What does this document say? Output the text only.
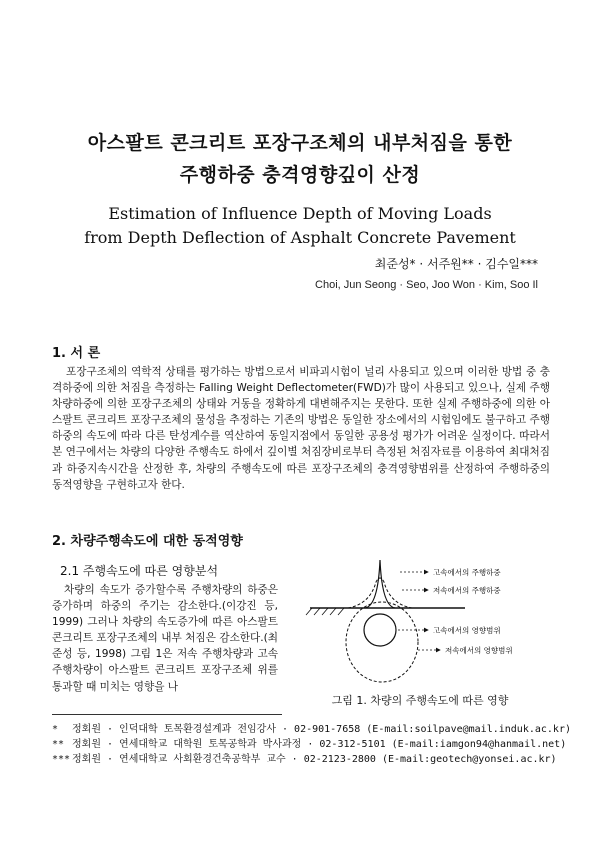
아스팔트 콘크리트 포장구조체의 내부처짐을 통한
주행하중 충격영향깊이 산정
Estimation of Influence Depth of Moving Loads
from Depth Deflection of Asphalt Concrete Pavement
최준성* · 서주원** · 김수일***
Choi, Jun Seong · Seo, Joo Won · Kim, Soo Il
1. 서 론

포장구조체의 역학적 상태를 평가하는 방법으로서 비파괴시험이 널리 사용되고 있으며 이러한 방법 중 충격하중에 의한 처짐을 측정하는 Falling Weight Deflectometer(FWD)가 많이 사용되고 있으나, 실제 주행차량하중에 의한 포장구조체의 상태와 거동을 정확하게 대변해주지는 못한다. 또한 실제 주행하중에 의한 아스팔트 콘크리트 포장구조체의 물성을 추정하는 기존의 방법은 동일한 장소에서의 시험임에도 불구하고 주행하중의 속도에 따라 다른 탄성계수를 역산하여 동일지점에서 동일한 공용성 평가가 어려운 실정이다. 따라서 본 연구에서는 차량의 다양한 주행속도 하에서 깊이별 처짐장비로부터 측정된 처짐자료를 이용하여 최대처짐과 하중지속시간을 산정한 후, 차량의 주행속도에 따른 포장구조체의 충격영향범위를 산정하여 주행하중의 동적영향을 구현하고자 한다.

2. 차량주행속도에 대한 동적영향
2.1 주행속도에 따른 영향분석

차량의 속도가 증가할수록 주행차량의 하중은 증가하며 하중의 주기는 감소한다.(이강진 등, 1999) 그러나 차량의 속도증가에 따른 아스팔트 콘크리트 포장구조체의 내부 처짐은 감소한다.(최준성 등, 1998) 그림 1은 저속 주행차량과 고속 주행차량이 아스팔트 콘크리트 포장구조체 위를 통과할 때 미치는 영향을 나

고속에서의 주행하중
저속에서의 주행하중
고속에서의 영향범위
저속에서의 영향범위
그림 1. 차량의 주행속도에 따른 영향
* 정회원 · 인덕대학 토목환경설계과 전임강사 · 02-901-7658 (E-mail:soilpave@mail.induk.ac.kr)
** 정회원 · 연세대학교 대학원 토목공학과 박사과정 · 02-312-5101 (E-mail:iamgon94@hanmail.net)
*** 정회원 · 연세대학교 사회환경건축공학부 교수 · 02-2123-2800 (E-mail:geotech@yonsei.ac.kr)
